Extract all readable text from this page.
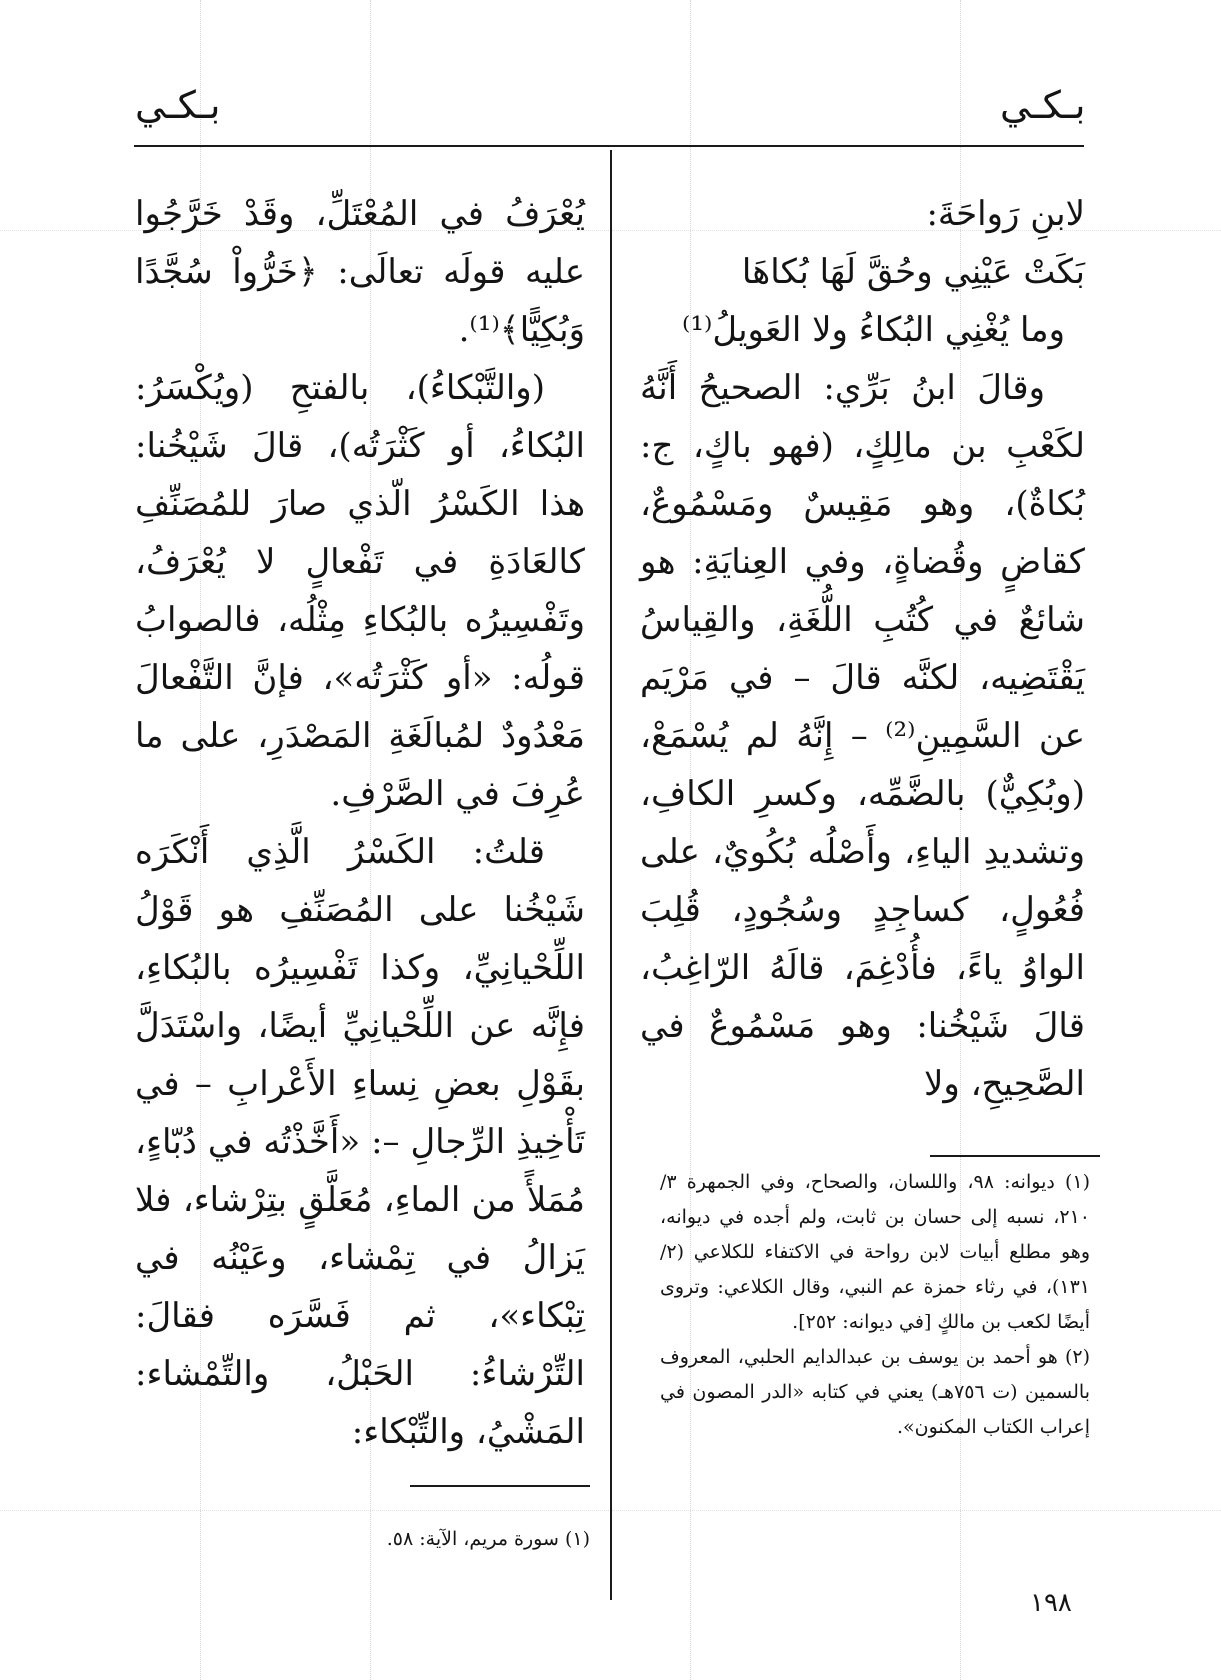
بـكـي
بـكـي

لابنِ رَواحَةَ:

بَكَتْ عَيْنِي وحُقَّ لَهَا بُكاهَا

وما يُغْنِي البُكاءُ ولا العَويلُ⁽¹⁾

وقالَ ابنُ بَرِّي: الصحيحُ أَنَّهُ لكَعْبِ بن مالِكٍ، (فهو باكٍ، ج: بُكاةٌ)، وهو مَقِيسٌ ومَسْمُوعٌ، كقاضٍ وقُضاةٍ، وفي العِنايَةِ: هو شائعٌ في كُتُبِ اللُّغَةِ، والقِياسُ يَقْتَضِيه، لكنَّه قالَ – في مَرْيَم عن السَّمِينِ⁽²⁾ – إِنَّهُ لم يُسْمَعْ، (وبُكِيٌّ) بالضَّمِّه، وكسرِ الكافِ، وتشديدِ الياءِ، وأَصْلُه بُكُويٌ، على فُعُولٍ، كساجِدٍ وسُجُودٍ، قُلِبَ الواوُ ياءً، فأُدْغِمَ، قالَهُ الرّاغِبُ، قالَ شَيْخُنا: وهو مَسْمُوعٌ في الصَّحِيحِ، ولا

(١) ديوانه: ٩٨، واللسان، والصحاح، وفي الجمهرة ٣/ ٢١٠، نسبه إلى حسان بن ثابت، ولم أجده في ديوانه، وهو مطلع أبيات لابن رواحة في الاكتفاء للكلاعي (٢/ ١٣١)، في رثاء حمزة عم النبي، وقال الكلاعي: وتروى أيضًا لكعب بن مالكٍ [في ديوانه: ٢٥٢].

(٢) هو أحمد بن يوسف بن عبدالدايم الحلبي، المعروف بالسمين (ت ٧٥٦هـ) يعني في كتابه «الدر المصون في إعراب الكتاب المكنون».

يُعْرَفُ في المُعْتَلِّ، وقَدْ خَرَّجُوا عليه قولَه تعالَى: ﴿خَرُّواْ سُجَّدًا وَبُكِيًّا﴾⁽¹⁾.

(والتَّبْكاءُ)، بالفتحِ (ويُكْسَرُ: البُكاءُ، أو كَثْرَتُه)، قالَ شَيْخُنا: هذا الكَسْرُ الّذي صارَ للمُصَنِّفِ كالعَادَةِ في تَفْعالٍ لا يُعْرَفُ، وتَفْسِيرُه بالبُكاءِ مِثْلُه، فالصوابُ قولُه: «أو كَثْرَتُه»، فإنَّ التَّفْعالَ مَعْدُودٌ لمُبالَغَةِ المَصْدَرِ، على ما عُرِفَ في الصَّرْفِ.

قلتُ: الكَسْرُ الَّذِي أَنْكَرَه شَيْخُنا على المُصَنِّفِ هو قَوْلُ اللِّحْيانِيِّ، وكذا تَفْسِيرُه بالبُكاءِ، فإِنَّه عن اللِّحْيانِيِّ أيضًا، واسْتَدَلَّ بقَوْلِ بعضِ نِساءِ الأَعْرابِ – في تَأْخِيذِ الرِّجالِ –: «أَخَّذْتُه في دُبّاءٍ، مُمَلأً من الماءِ، مُعَلَّقٍ بتِرْشاء، فلا يَزالُ في تِمْشاء، وعَيْنُه في تِبْكاء»، ثم فَسَّرَه فقالَ: التِّرْشاءُ: الحَبْلُ، والتِّمْشاء: المَشْيُ، والتِّبْكاء:

(١) سورة مريم، الآية: ٥٨.

١٩٨
